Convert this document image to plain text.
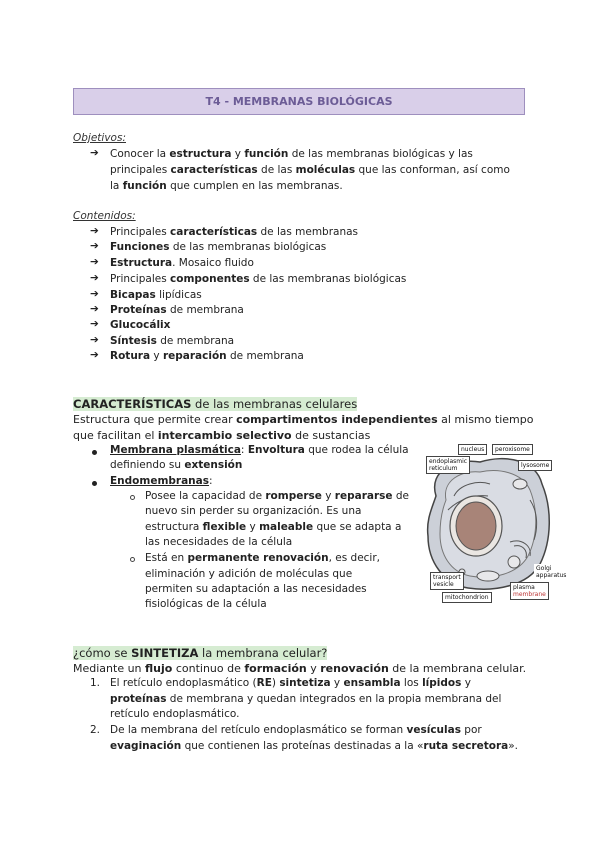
T4 - MEMBRANAS BIOLÓGICAS
Objetivos:
➔ Conocer la estructura y función de las membranas biológicas y las
principales características de las moléculas que las conforman, así como
la función que cumplen en las membranas.
Contenidos:
➔ Principales características de las membranas
➔ Funciones de las membranas biológicas
➔ Estructura. Mosaico fluido
➔ Principales componentes de las membranas biológicas
➔ Bicapas lipídicas
➔ Proteínas de membrana
➔ Glucocálix
➔ Síntesis de membrana
➔ Rotura y reparación de membrana
CARACTERÍSTICAS de las membranas celulares
Estructura que permite crear compartimentos independientes al mismo tiempo
que facilitan el intercambio selectivo de sustancias
Membrana plasmática: Envoltura que rodea la célula
definiendo su extensión
Endomembranas:
Posee la capacidad de romperse y repararse de
nuevo sin perder su organización. Es una
estructura flexible y maleable que se adapta a
las necesidades de la célula
Está en permanente renovación, es decir,
eliminación y adición de moléculas que
permiten su adaptación a las necesidades
fisiológicas de la célula
nucleus	peroxisome
endoplasmic
reticulum	lysosome
Golgi
apparatus
transport
vesicle	plasma
membrane
mitochondrion
¿cómo se SINTETIZA la membrana celular?
Mediante un flujo continuo de formación y renovación de la membrana celular.
1. El retículo endoplasmático (RE) sintetiza y ensambla los lípidos y
proteínas de membrana y quedan integrados en la propia membrana del
retículo endoplasmático.
2. De la membrana del retículo endoplasmático se forman vesículas por
evaginación que contienen las proteínas destinadas a la «ruta secretora».
